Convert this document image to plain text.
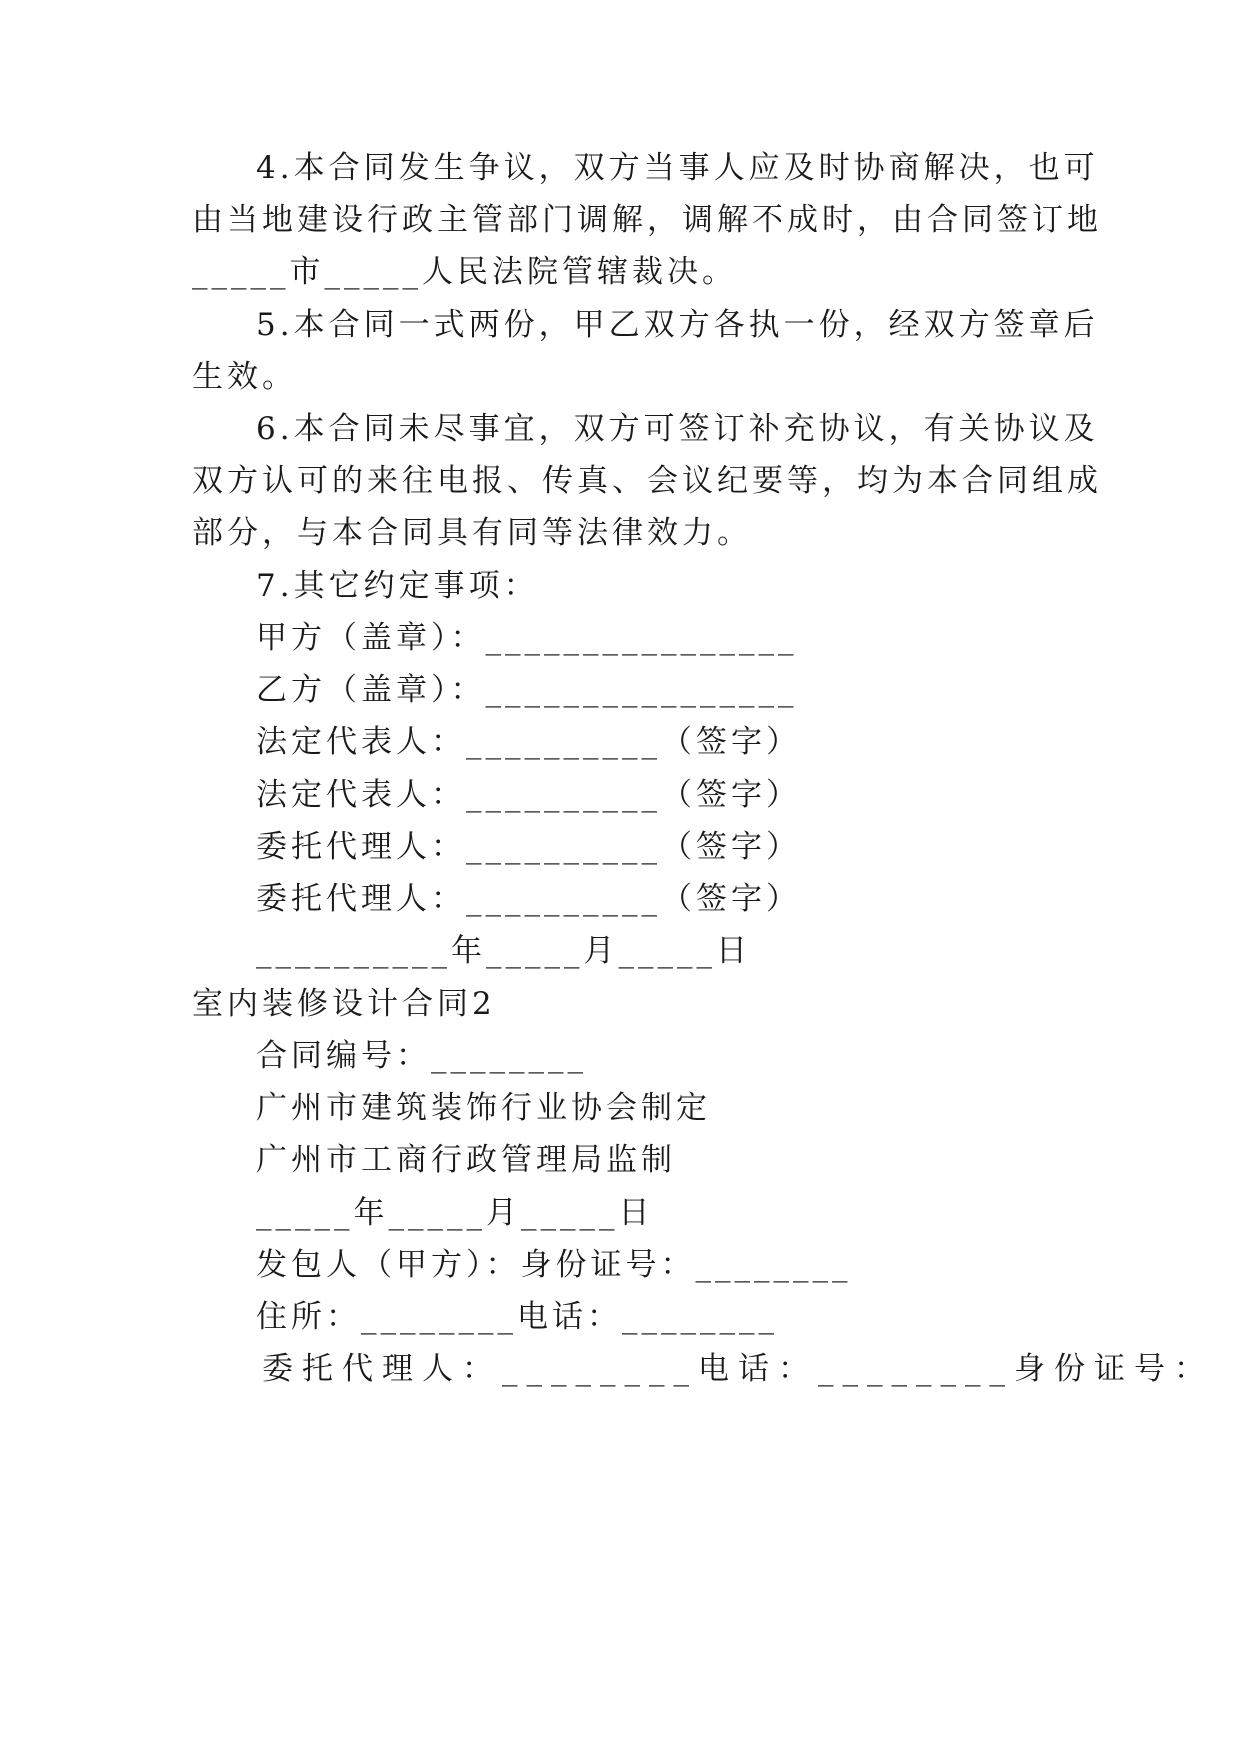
4.本合同发生争议，双方当事人应及时协商解决，也可
由当地建设行政主管部门调解，调解不成时，由合同签订地
_____市_____人民法院管辖裁决。
5.本合同一式两份，甲乙双方各执一份，经双方签章后
生效。
6.本合同未尽事宜，双方可签订补充协议，有关协议及
双方认可的来往电报、传真、会议纪要等，均为本合同组成
部分，与本合同具有同等法律效力。
7.其它约定事项：
甲方（盖章）：________________
乙方（盖章）：________________
法定代表人：__________（签字）
法定代表人：__________（签字）
委托代理人：__________（签字）
委托代理人：__________（签字）
__________年_____月_____日
室内装修设计合同2
合同编号：________
广州市建筑装饰行业协会制定
广州市工商行政管理局监制
_____年_____月_____日
发包人（甲方）：身份证号：________
住所：________电话：________
委托代理人：________电话：________身份证号：
